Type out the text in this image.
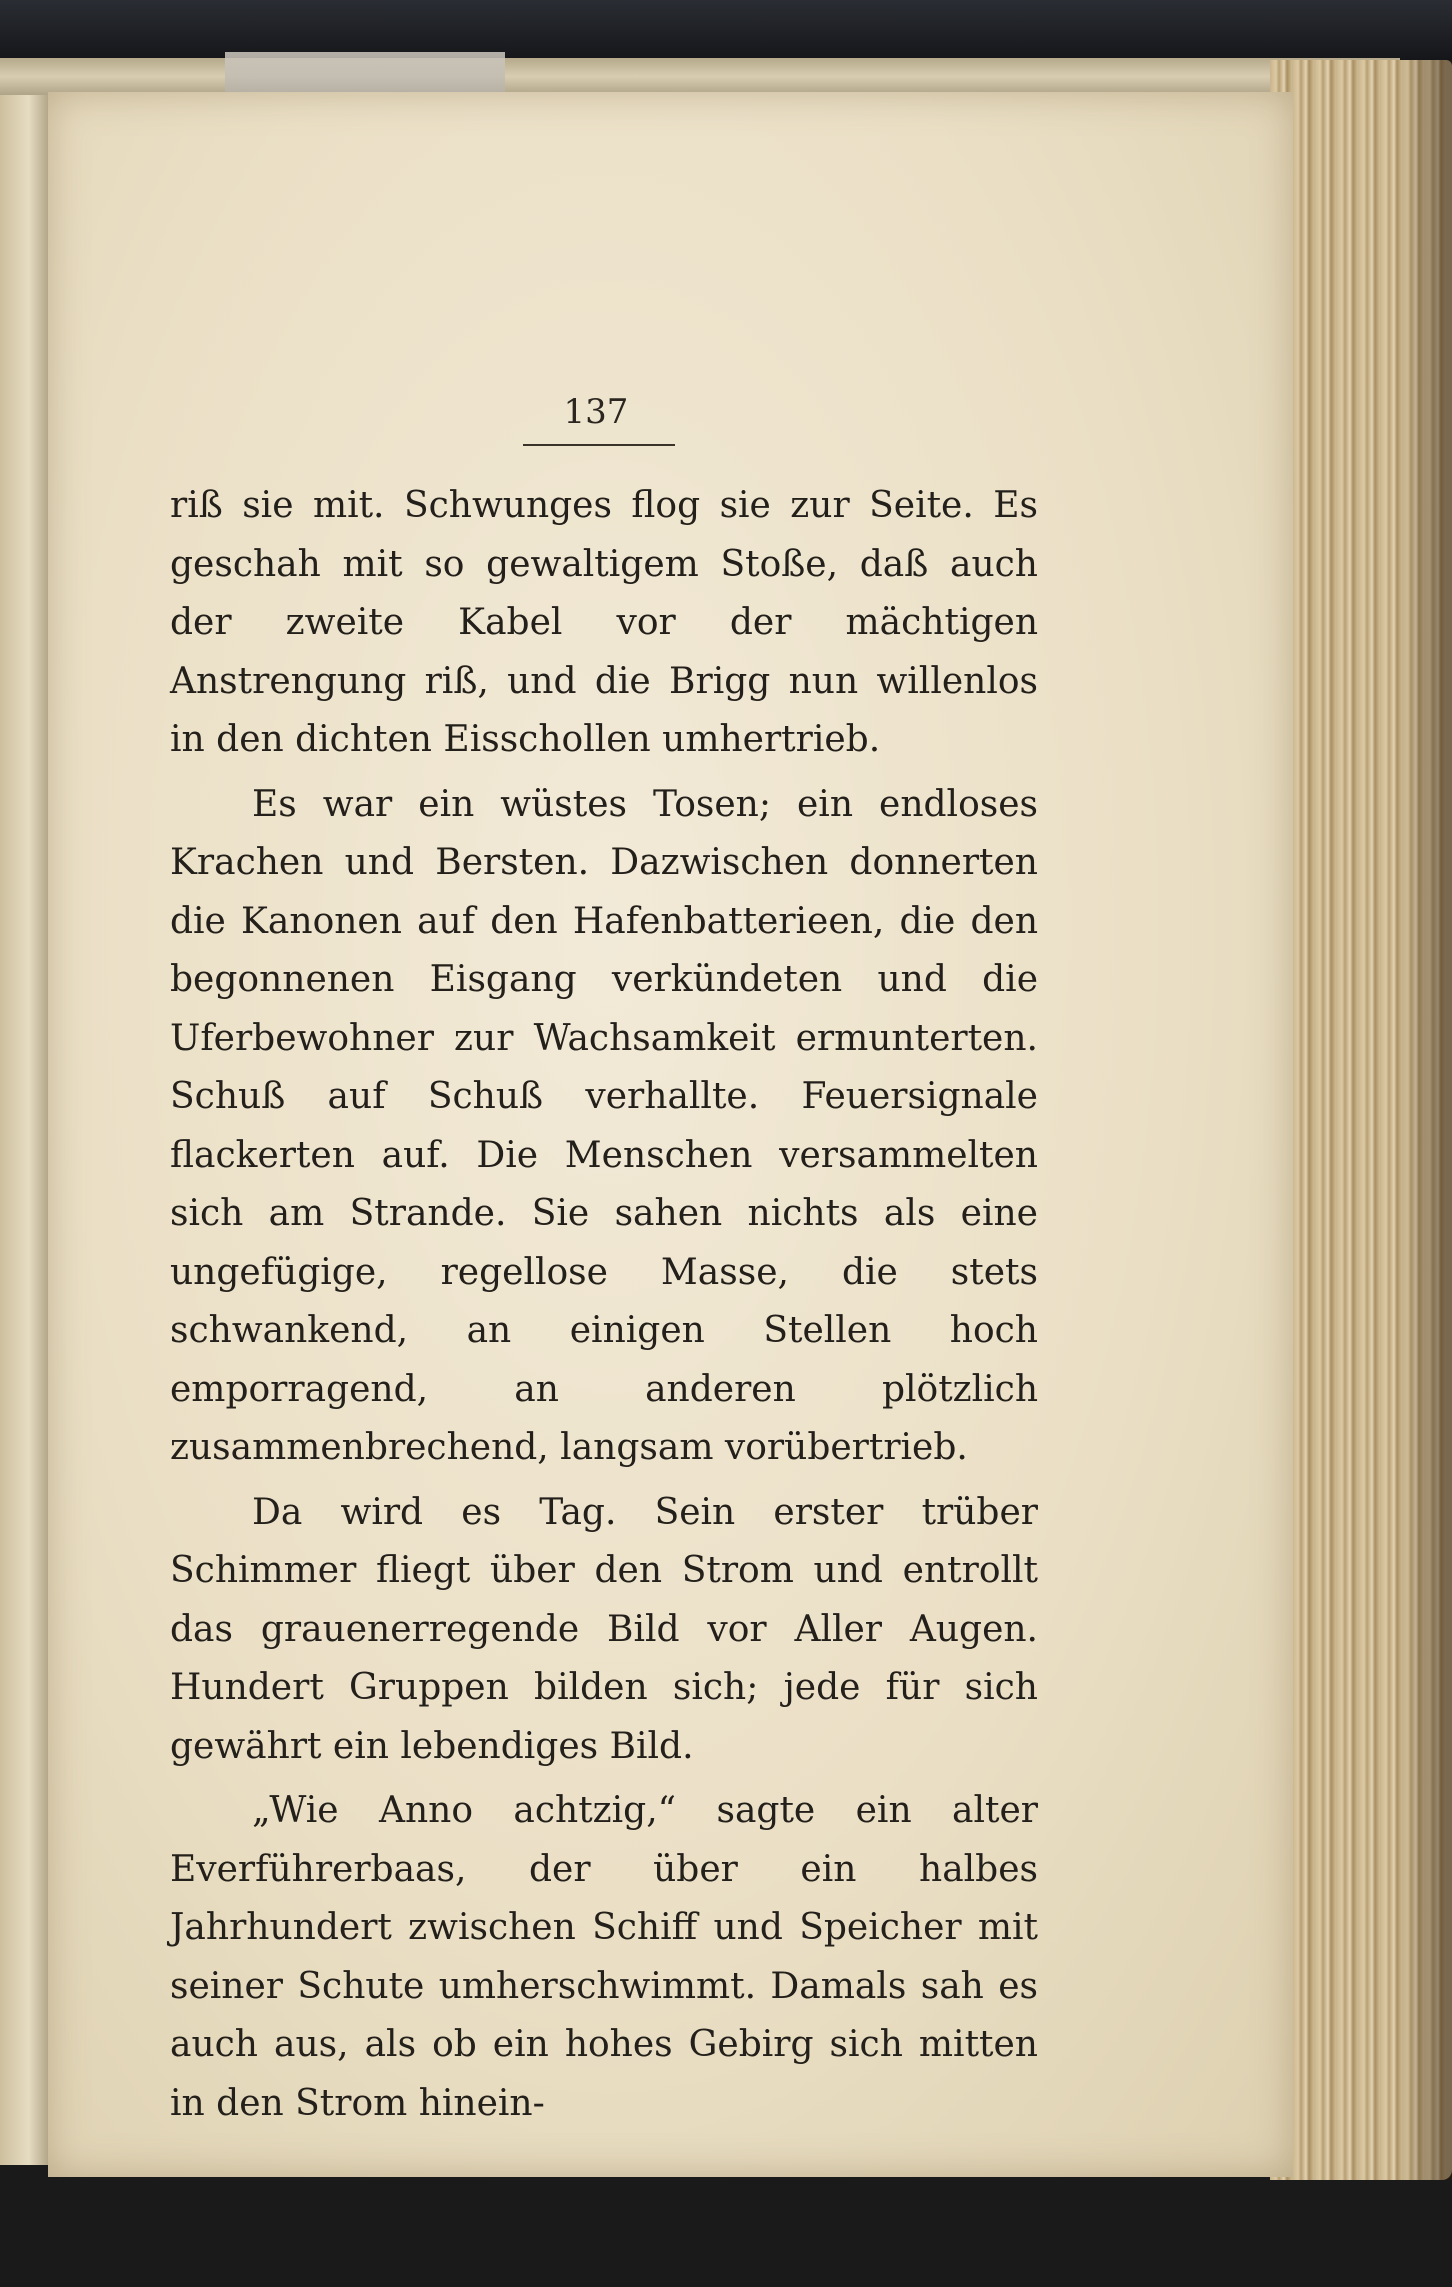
137

riß sie mit. Schwunges flog sie zur Seite. Es geschah mit so gewaltigem Stoße, daß auch der zweite Kabel vor der mächtigen Anstrengung riß, und die Brigg nun willenlos in den dichten Eisschollen umhertrieb.

Es war ein wüstes Tosen; ein endloses Krachen und Bersten. Dazwischen donnerten die Kanonen auf den Hafenbatterieen, die den begonnenen Eisgang verkündeten und die Uferbewohner zur Wachsamkeit ermunterten. Schuß auf Schuß verhallte. Feuersignale flackerten auf. Die Menschen versammelten sich am Strande. Sie sahen nichts als eine ungefügige, regellose Masse, die stets schwankend, an einigen Stellen hoch emporragend, an anderen plötzlich zusammenbrechend, langsam vorübertrieb.

Da wird es Tag. Sein erster trüber Schimmer fliegt über den Strom und entrollt das grauenerregende Bild vor Aller Augen. Hundert Gruppen bilden sich; jede für sich gewährt ein lebendiges Bild.

„Wie Anno achtzig,“ sagte ein alter Everführerbaas, der über ein halbes Jahrhundert zwischen Schiff und Speicher mit seiner Schute umherschwimmt. Damals sah es auch aus, als ob ein hohes Gebirg sich mitten in den Strom hinein-
